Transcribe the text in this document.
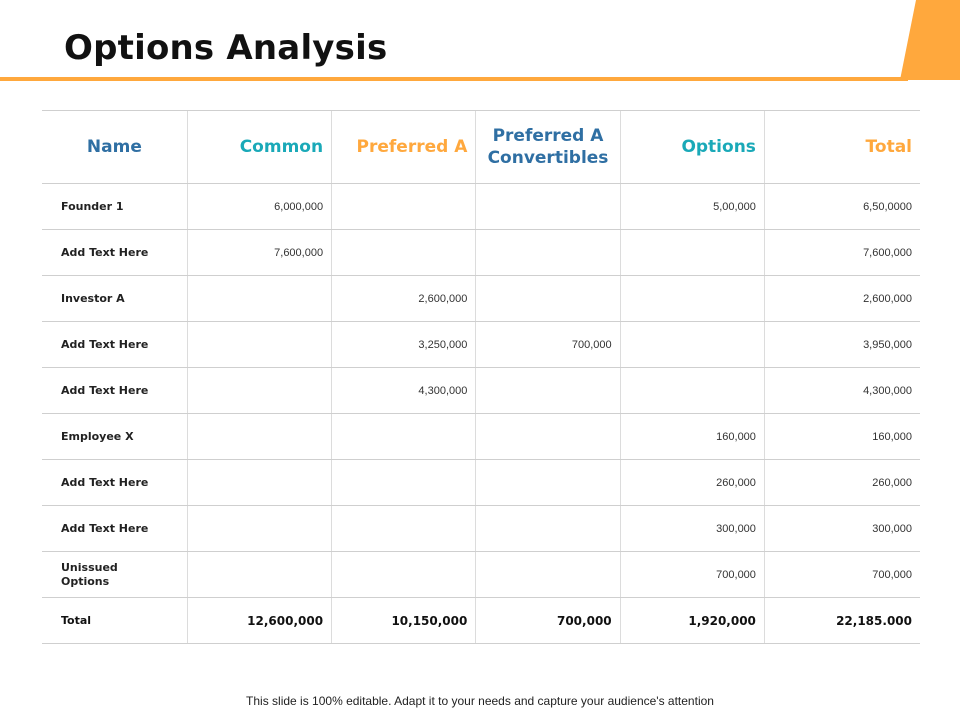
Options Analysis
Name	Common	Preferred A	Preferred A Convertibles	Options	Total
Founder 1	6,000,000			5,00,000	6,50,0000
Add Text Here	7,600,000				7,600,000
Investor A		2,600,000			2,600,000
Add Text Here		3,250,000	700,000		3,950,000
Add Text Here		4,300,000			4,300,000
Employee X				160,000	160,000
Add Text Here				260,000	260,000
Add Text Here				300,000	300,000
Unissued Options				700,000	700,000
Total	12,600,000	10,150,000	700,000	1,920,000	22,185.000
This slide is 100% editable. Adapt it to your needs and capture your audience's attention
